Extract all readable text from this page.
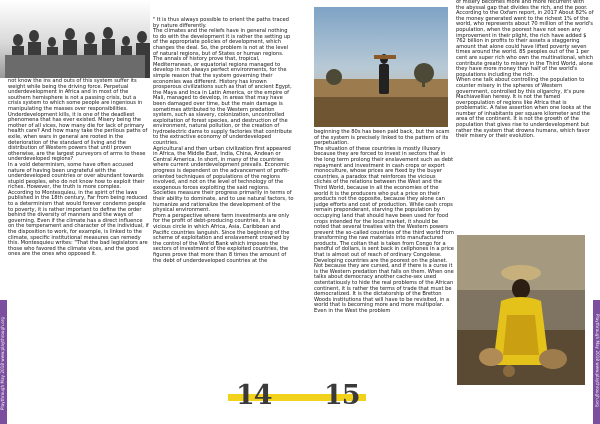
Playthrough May 2018 www.playthrough.org

not know the ins and outs of this system suffer its weight while being the driving force. Perpetual underdevelopment in Africa and in most of the southern hemisphere is not a passing crisis, but a crisis system to which some people are ingenious in manipulating the masses over responsibilities.

Underdevelopment kills, it is one of the deadliest phenomena that has ever existed. Misery being the mother of all vices, how many die for lack of primary health care? And how many take the perilous paths of exile, when wars in general are rooted in the deterioration of the standard of living and the distribution of Western powers that until proven otherwise, are the largest purveyors of arms to these underdeveloped regions?

In a void determinism, some have often accused nature of having been ungrateful with the underdeveloped countries or over abundant towards stupid peoples, who do not know how to exploit their riches. However, the truth is more complex.

According to Montesquieu, in the spirit of the laws published in the 18th century, Far from being reduced to a determinism that would forever condemn people to poverty, it is rather important to define the order behind the diversity of manners and the ways of governing. Even if the climate has a direct influence on the temperament and character of the individual, if the disposition to work, for example, is linked to the climate, specific institutional measures can remedy this. Montesquieu writes: "That the bad legislators are those who favored the climate vices, and the good ones are the ones who opposed it.

" It is thus always possible to orient the paths traced by nature differently.

The climates and the reliefs have in general nothing to do with the development it is rather the setting up of the appropriate policies of development, which changes the deal. So, the problem is not at the level of natural regions, but of States or human regions.

The annals of history prove that, tropical, Mediterranean, or equatorial regions managed to develop in not always perfect environments, for the simple reason that the system governing their economies was different. History has known prosperous civilizations such as that of ancient Egypt, the Maya and Inca in Latin America, or the empire of Mali, managed to develop, in areas that may have been damaged over time, but the main damage is sometimes attributed to the Western predation system, such as slavery, colonization, uncontrolled exploitation of forest species, and destruction of the environment, natural pollution, or the creation of hydroelectric dams to supply factories that contribute to the extractive economy of underdeveloped countries.

Agricultural and then urban civilization first appeared in Africa, the Middle East, India, China, Andean or Central America. In short, in many of the countries where current underdevelopment prevails. Economic progress is dependent on the advancement of profit-oriented techniques of populations of the regions involved, and not on the level of technology of the exogenous forces exploiting the said regions. Societies measure their progress primarily in terms of their ability to dominate, and to use natural factors, to humanize and rationalize the development of the physical environment.

From a perspective where farm investments are only for the profit of debt-producing countries, it is a vicious circle in which Africa, Asia, Caribbean and Pacific countries languish. Since the beginning of the scheme of exploitation and enslavement crowned by the control of the World Bank which imposes the sectors of investment of the exploited countries, the figures prove that more than 8 times the amount of the debt of underdeveloped countries at the

14	Playthrough May 2018 www.playthrough.org

beginning the 80s has been paid back, but the scam of the system is precisely linked to the pattern of its perpetuation.

The situation of these countries is mostly illusory because they are forced to invest in sectors that in the long term prolong their enslavement such as debt repayment and investment in cash crops or export monoculture, whose prices are fixed by the buyer countries, a paradox that reinforces the vicious clichés of the relations between the West and the Third World, because in all the economies of the world it is the producers who put a price on their products not the opposite, because they alone can judge efforts and cost of production. While cash crops remain preponderant, starving the population by occupying land that should have been used for food crops intended for the local market, it should be noted that several treaties with the Western powers prevent the so-called countries of the third world from transforming the raw materials into manufactured products. The coltan that is taken from Congo for a handful of dollars, is sent back in cellphones in a price that is almost out of reach of ordinary Congolese.

Developing countries are the poorest on the planet. Not because they are cursed, and if there is a curse it is the Western predation that falls on them. When one talks about democracy another cache-sex used ostentatiously to hide the real problems of the African continent, it is rather the terms of trade that must be democratized. It is the dictatorship of the Bretton Woods institutions that will have to be revisited, in a world that is becoming more and more multipolar. Even in the West the problem

of misery becomes more and more recurrent with the abyssal gap that divides the rich, and the poor. According to the Oxfam report, in 2017 About 82% of the money generated went to the richest 1% of the world, who represents about 70 million of the world's population, when the poorest have not seen any improvement in their plight, the rich have added $ 762 billion in profits to their assets a staggering amount that alone could have lifted poverty seven times around the world. 85 peoples out of the 1 per cent are super rich who own the multinational, which contribute greatly to misery in the Third World, alone they have more money than half of the world's populations including the rich.

When one talk about controlling the population to counter misery in the spheres of Western government, controlled by this oligarchy, it's pure Machiavellian heresy. It is not the famed overpopulation of regions like Africa that is problematic. A false assertion when one looks at the number of inhabitants per square kilometer and the area of the continent. It is not the growth of the population that gives rise to underdevelopment but rather the system that drowns humans, which favor their misery or their evolution.

15
